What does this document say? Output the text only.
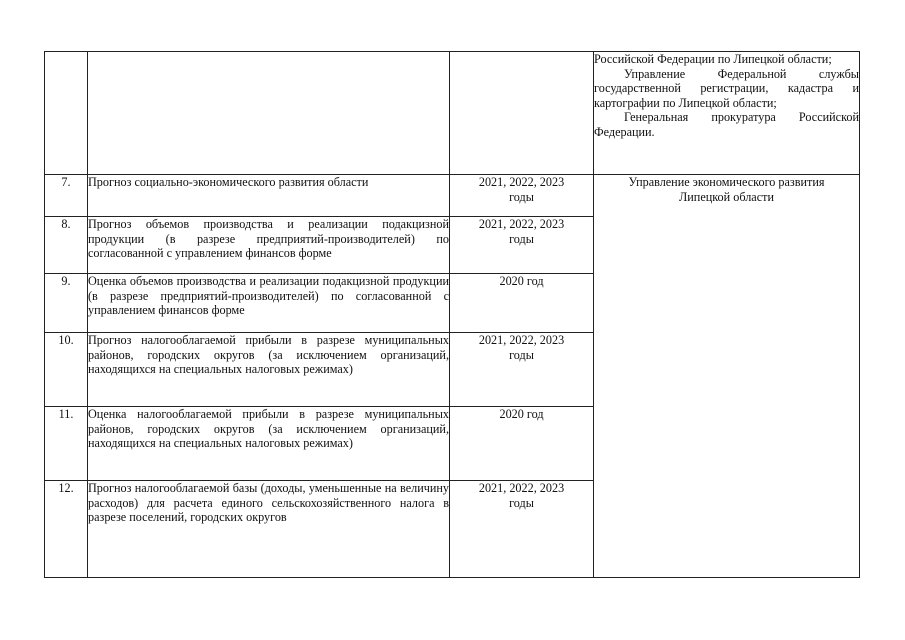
			Российской Федерации по Липецкой области;
Управление Федеральной службы государственной регистрации, кадастра и картографии по Липецкой области;
Генеральная прокуратура Российской Федерации.

7.	Прогноз социально-экономического развития области	2021, 2022, 2023
годы	Управление экономического развития
Липецкой области

8.	Прогноз объемов производства и реализации подакцизной продукции (в разрезе предприятий-производителей) по согласованной с управлением финансов форме	2021, 2022, 2023
годы	

9.	Оценка объемов производства и реализации подакцизной продукции (в разрезе предприятий-производителей) по согласованной с управлением финансов форме	2020 год	

10.	Прогноз налогооблагаемой прибыли в разрезе муниципальных районов, городских округов (за исключением организаций, находящихся на специальных налоговых режимах)	2021, 2022, 2023
годы	

11.	Оценка налогооблагаемой прибыли в разрезе муниципальных районов, городских округов (за исключением организаций, находящихся на специальных налоговых режимах)	2020 год	

12.	Прогноз налогооблагаемой базы (доходы, уменьшенные на величину расходов) для расчета единого сельскохозяйственного налога в разрезе поселений, городских округов	2021, 2022, 2023
годы	
